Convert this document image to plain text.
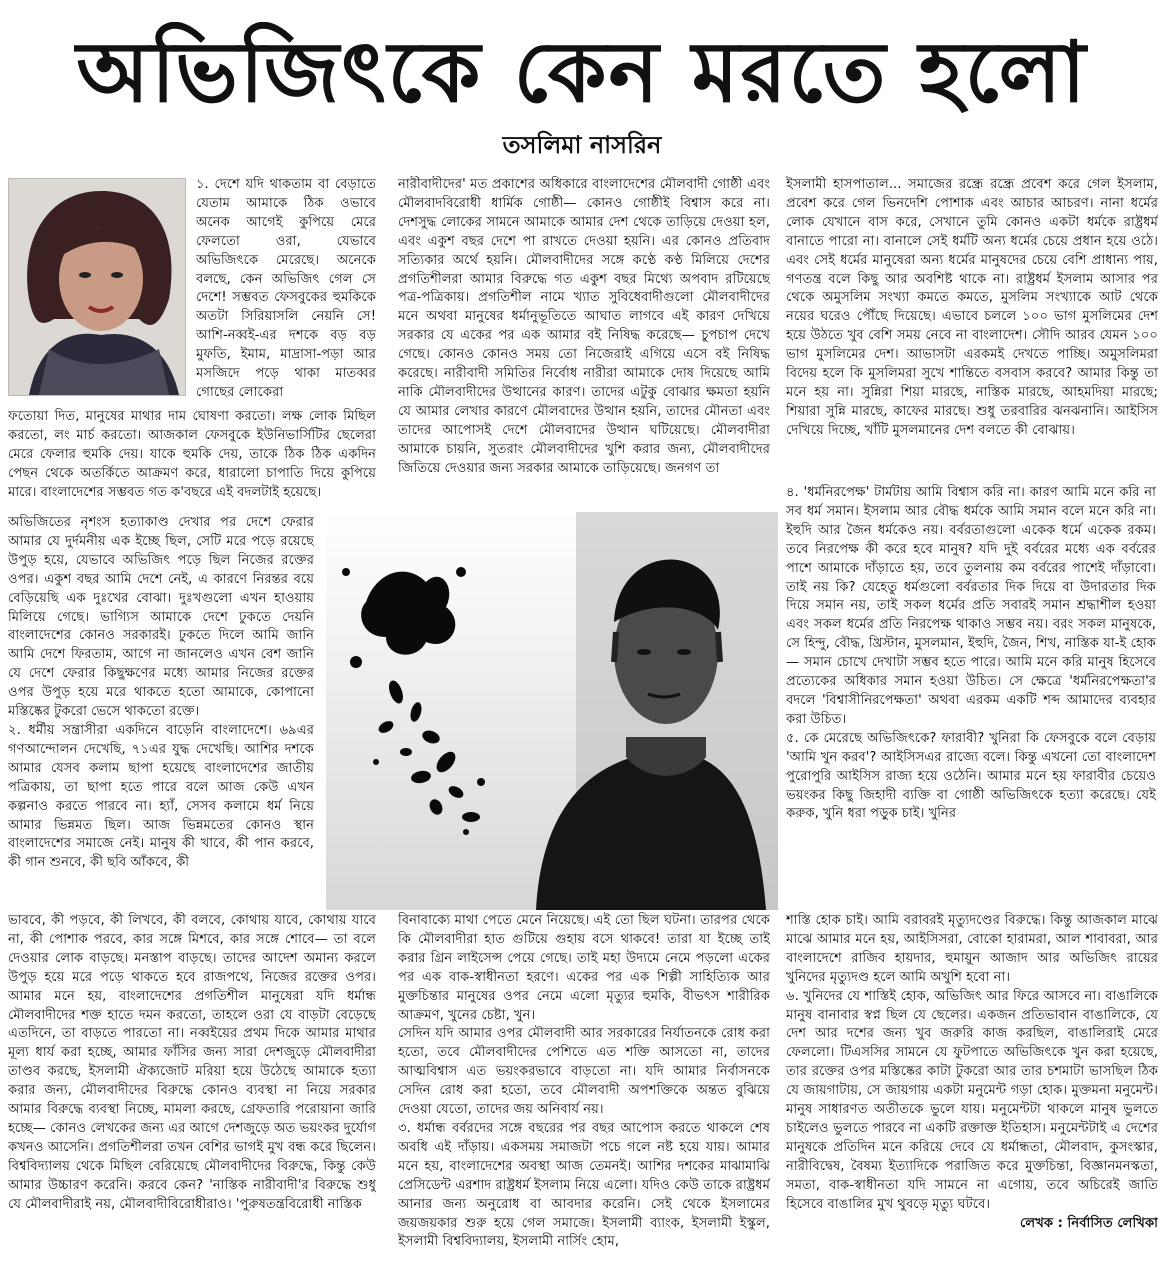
অভিজিৎকে কেন মরতে হলো
তসলিমা নাসরিন

১. দেশে যদি থাকতাম বা বেড়াতে যেতাম আমাকে ঠিক ওভাবে অনেক আগেই কুপিয়ে মেরে ফেলতো ওরা, যেভাবে অভিজিৎকে মেরেছে। অনেকে বলছে, কেন অভিজিৎ গেল সে দেশে! সম্ভবত ফেসবুকের হুমকিকে অতটা সিরিয়াসলি নেয়নি সে! আশি-নব্বই-এর দশকে বড় বড় মুফতি, ইমাম, মাদ্রাসা-পড়া আর মসজিদে পড়ে থাকা মাতব্বর গোছের লোকেরা

ফতোয়া দিত, মানুষের মাথার দাম ঘোষণা করতো। লক্ষ লোক মিছিল করতো, লং মার্চ করতো। আজকাল ফেসবুকে ইউনিভার্সিটির ছেলেরা মেরে ফেলার হুমকি দেয়। যাকে হুমকি দেয়, তাকে ঠিক ঠিক একদিন পেছন থেকে অতর্কিতে আক্রমণ করে, ধারালো চাপাতি দিয়ে কুপিয়ে মারে। বাংলাদেশের সম্ভবত গত ক'বছরে এই বদলটাই হয়েছে।

অভিজিতের নৃশংস হত্যাকাণ্ড দেখার পর দেশে ফেরার আমার যে দুর্দমনীয় এক ইচ্ছে ছিল, সেটি মরে পড়ে রয়েছে উপুড় হয়ে, যেভাবে অভিজিৎ পড়ে ছিল নিজের রক্তের ওপর। একুশ বছর আমি দেশে নেই, এ কারণে নিরন্তর বয়ে বেড়িয়েছি এক দুঃখের বোঝা। দুঃখগুলো এখন হাওয়ায় মিলিয়ে গেছে। ভাগ্যিস আমাকে দেশে ঢুকতে দেয়নি বাংলাদেশের কোনও সরকারই। ঢুকতে দিলে আমি জানি আমি দেশে ফিরতাম, আগে না জানলেও এখন বেশ জানি যে দেশে ফেরার কিছুক্ষণের মধ্যে আমার নিজের রক্তের ওপর উপুড় হয়ে মরে থাকতে হতো আমাকে, কোপানো মস্তিষ্কের টুকরো ভেসে থাকতো রক্তে।

২. ধর্মীয় সন্ত্রাসীরা একদিনে বাড়েনি বাংলাদেশে। ৬৯এর গণআন্দোলন দেখেছি, ৭১এর যুদ্ধ দেখেছি। আশির দশকে আমার যেসব কলাম ছাপা হয়েছে বাংলাদেশের জাতীয় পত্রিকায়, তা ছাপা হতে পারে বলে আজ কেউ এখন কল্পনাও করতে পারবে না। হ্যাঁ, সেসব কলামে ধর্ম নিয়ে আমার ভিন্নমত ছিল। আজ ভিন্নমতের কোনও স্থান বাংলাদেশের সমাজে নেই। মানুষ কী খাবে, কী পান করবে, কী গান শুনবে, কী ছবি আঁকবে, কী

ভাববে, কী পড়বে, কী লিখবে, কী বলবে, কোথায় যাবে, কোথায় যাবে না, কী পোশাক পরবে, কার সঙ্গে মিশবে, কার সঙ্গে শোবে— তা বলে দেওয়ার লোক বাড়ছে। মনস্তাপ বাড়ছে। তাদের আদেশ অমান্য করলে উপুড় হয়ে মরে পড়ে থাকতে হবে রাজপথে, নিজের রক্তের ওপর। আমার মনে হয়, বাংলাদেশের প্রগতিশীল মানুষেরা যদি ধর্মান্ধ মৌলবাদীদের শক্ত হাতে দমন করতো, তাহলে ওরা যে বাড়টা বেড়েছে এতদিনে, তা বাড়তে পারতো না। নব্বইয়ের প্রথম দিকে আমার মাথার মূল্য ধার্য করা হচ্ছে, আমার ফাঁসির জন্য সারা দেশজুড়ে মৌলবাদীরা তাণ্ডব করছে, ইসলামী ঐক্যজোট মরিয়া হয়ে উঠেছে আমাকে হত্যা করার জন্য, মৌলবাদীদের বিরুদ্ধে কোনও ব্যবস্থা না নিয়ে সরকার আমার বিরুদ্ধে ব্যবস্থা নিচ্ছে, মামলা করছে, গ্রেফতারি পরোয়ানা জারি হচ্ছে— কোনও লেখকের জন্য এর আগে দেশজুড়ে অত ভয়ংকর দুর্যোগ কখনও আসেনি। প্রগতিশীলরা তখন বেশির ভাগই মুখ বন্ধ করে ছিলেন। বিশ্ববিদ্যালয় থেকে মিছিল বেরিয়েছে মৌলবাদীদের বিরুদ্ধে, কিন্তু কেউ আমার উচ্চারণ করেনি। করবে কেন? 'নাস্তিক নারীবাদী'র বিরুদ্ধে শুধু যে মৌলবাদীরাই নয়, মৌলবাদীবিরোধীরাও। 'পুরুষতন্ত্রবিরোধী নাস্তিক

নারীবাদীদের' মত প্রকাশের অধিকারে বাংলাদেশের মৌলবাদী গোষ্ঠী এবং মৌলবাদবিরোধী ধার্মিক গোষ্ঠী— কোনও গোষ্ঠীই বিশ্বাস করে না। দেশসুদ্ধ লোকের সামনে আমাকে আমার দেশ থেকে তাড়িয়ে দেওয়া হল, এবং একুশ বছর দেশে পা রাখতে দেওয়া হয়নি। এর কোনও প্রতিবাদ সত্যিকার অর্থে হয়নি। মৌলবাদীদের সঙ্গে কণ্ঠে কণ্ঠ মিলিয়ে দেশের প্রগতিশীলরা আমার বিরুদ্ধে গত একুশ বছর মিথ্যে অপবাদ রটিয়েছে পত্র-পত্রিকায়। প্রগতিশীল নামে খ্যাত সুবিধেবাদীগুলো মৌলবাদীদের মনে অথবা মানুষের ধর্মানুভূতিতে আঘাত লাগবে এই কারণ দেখিয়ে সরকার যে একের পর এক আমার বই নিষিদ্ধ করেছে— চুপচাপ দেখে গেছে। কোনও কোনও সময় তো নিজেরাই এগিয়ে এসে বই নিষিদ্ধ করেছে। নারীবাদী সমিতির নির্বোধ নারীরা আমাকে দোষ দিয়েছে আমি নাকি মৌলবাদীদের উত্থানের কারণ। তাদের এটুকু বোঝার ক্ষমতা হয়নি যে আমার লেখার কারণে মৌলবাদের উত্থান হয়নি, তাদের মৌনতা এবং তাদের আপোসই দেশে মৌলবাদের উত্থান ঘটিয়েছে। মৌলবাদীরা আমাকে চায়নি, সুতরাং মৌলবাদীদের খুশি করার জন্য, মৌলবাদীদের জিতিয়ে দেওয়ার জন্য সরকার আমাকে তাড়িয়েছে। জনগণ তা

বিনাবাক্যে মাথা পেতে মেনে নিয়েছে। এই তো ছিল ঘটনা। তারপর থেকে কি মৌলবাদীরা হাত গুটিয়ে গুহায় বসে থাকবে! তারা যা ইচ্ছে তাই করার গ্রিন লাইসেন্স পেয়ে গেছে। তাই মহা উদ্যমে নেমে পড়লো একের পর এক বাক-স্বাধীনতা হরণে। একের পর এক শিল্পী সাহিত্যিক আর মুক্তচিন্তার মানুষের ওপর নেমে এলো মৃত্যুর হুমকি, বীভৎস শারীরিক আক্রমণ, খুনের চেষ্টা, খুন।

সেদিন যদি আমার ওপর মৌলবাদী আর সরকারের নির্যাতনকে রোধ করা হতো, তবে মৌলবাদীদের পেশিতে এত শক্তি আসতো না, তাদের আত্মবিশ্বাস এত ভয়ংকরভাবে বাড়তো না। যদি আমার নির্বাসনকে সেদিন রোধ করা হতো, তবে মৌলবাদী অপশক্তিকে অন্তত বুঝিয়ে দেওয়া যেতো, তাদের জয় অনিবার্য নয়।

৩. ধর্মান্ধ বর্বরদের সঙ্গে বছরের পর বছর আপোস করতে থাকলে শেষ অবধি এই দাঁড়ায়। একসময় সমাজটা পচে গলে নষ্ট হয়ে যায়। আমার মনে হয়, বাংলাদেশের অবস্থা আজ তেমনই। আশির দশকের মাঝামাঝি প্রেসিডেন্ট এরশাদ রাষ্ট্রধর্ম ইসলাম নিয়ে এলো। যদিও কেউ তাকে রাষ্ট্রধর্ম আনার জন্য অনুরোধ বা আবদার করেনি। সেই থেকে ইসলামের জয়জয়কার শুরু হয়ে গেল সমাজে। ইসলামী ব্যাংক, ইসলামী ইস্কুল, ইসলামী বিশ্ববিদ্যালয়, ইসলামী নার্সিং হোম,

ইসলামী হাসপাতাল... সমাজের রন্ধ্রে রন্ধ্রে প্রবেশ করে গেল ইসলাম, প্রবেশ করে গেল ভিনদেশি পোশাক এবং আচার আচরণ। নানা ধর্মের লোক যেখানে বাস করে, সেখানে তুমি কোনও একটা ধর্মকে রাষ্ট্রধর্ম বানাতে পারো না। বানালে সেই ধর্মটি অন্য ধর্মের চেয়ে প্রধান হয়ে ওঠে। এবং সেই ধর্মের মানুষেরা অন্য ধর্মের মানুষদের চেয়ে বেশি প্রাধান্য পায়, গণতন্ত্র বলে কিছু আর অবশিষ্ট থাকে না। রাষ্ট্রধর্ম ইসলাম আসার পর থেকে অমুসলিম সংখ্যা কমতে কমতে, মুসলিম সংখ্যাকে আট থেকে নয়ের ঘরেও পৌঁছে দিয়েছে। এভাবে চললে ১০০ ভাগ মুসলিমের দেশ হয়ে উঠতে খুব বেশি সময় নেবে না বাংলাদেশ। সৌদি আরব যেমন ১০০ ভাগ মুসলিমের দেশ। আভাসটা এরকমই দেখতে পাচ্ছি। অমুসলিমরা বিদেয় হলে কি মুসলিমরা সুখে শান্তিতে বসবাস করবে? আমার কিন্তু তা মনে হয় না। সুন্নিরা শিয়া মারছে, নাস্তিক মারছে, আহমদিয়া মারছে; শিয়ারা সুন্নি মারছে, কাফের মারছে। শুধু তরবারির ঝনঝনানি। আইসিস দেখিয়ে দিচ্ছে, খাঁটি মুসলমানের দেশ বলতে কী বোঝায়।

৪. 'ধর্মনিরপেক্ষ' টার্মটায় আমি বিশ্বাস করি না। কারণ আমি মনে করি না সব ধর্ম সমান। ইসলাম আর বৌদ্ধ ধর্মকে আমি সমান বলে মনে করি না। ইহুদি আর জৈন ধর্মকেও নয়। বর্বরতাগুলো একেক ধর্মে একেক রকম। তবে নিরপেক্ষ কী করে হবে মানুষ? যদি দুই বর্বরের মধ্যে এক বর্বরের পাশে আমাকে দাঁড়াতে হয়, তবে তুলনায় কম বর্বরের পাশেই দাঁড়াবো। তাই নয় কি? যেহেতু ধর্মগুলো বর্বরতার দিক দিয়ে বা উদারতার দিক দিয়ে সমান নয়, তাই সকল ধর্মের প্রতি সবারই সমান শ্রদ্ধাশীল হওয়া এবং সকল ধর্মের প্রতি নিরপেক্ষ থাকাও সম্ভব নয়। বরং সকল মানুষকে, সে হিন্দু, বৌদ্ধ, খ্রিস্টান, মুসলমান, ইহুদি, জৈন, শিখ, নাস্তিক যা-ই হোক— সমান চোখে দেখাটা সম্ভব হতে পারে। আমি মনে করি মানুষ হিসেবে প্রত্যেকের অধিকার সমান হওয়া উচিত। সে ক্ষেত্রে 'ধর্মনিরপেক্ষতা'র বদলে 'বিশ্বাসীনিরপেক্ষতা' অথবা এরকম একটি শব্দ আমাদের ব্যবহার করা উচিত।

৫. কে মেরেছে অভিজিৎকে? ফারাবী? খুনিরা কি ফেসবুকে বলে বেড়ায় 'আমি খুন করব'? আইসিসএর রাজ্যে বলে। কিন্তু এখনো তো বাংলাদেশ পুরোপুরি আইসিস রাজ্য হয়ে ওঠেনি। আমার মনে হয় ফারাবীর চেয়েও ভয়ংকর কিছু জিহাদী ব্যক্তি বা গোষ্ঠী অভিজিৎকে হত্যা করেছে। যেই করুক, খুনি ধরা পড়ুক চাই। খুনির

শাস্তি হোক চাই। আমি বরাবরই মৃত্যুদণ্ডের বিরুদ্ধে। কিন্তু আজকাল মাঝে মাঝে আমার মনে হয়, আইসিসরা, বোকো হারামরা, আল শাবাবরা, আর বাংলাদেশে রাজিব হায়দার, হুমায়ুন আজাদ আর অভিজিৎ রায়ের খুনিদের মৃত্যুদণ্ড হলে আমি অখুশি হবো না।

৬. খুনিদের যে শাস্তিই হোক, অভিজিৎ আর ফিরে আসবে না। বাঙালিকে মানুষ বানাবার স্বপ্ন ছিল যে ছেলের। একজন প্রতিভাবান বাঙালিকে, যে দেশ আর দশের জন্য খুব জরুরি কাজ করছিল, বাঙালিরাই মেরে ফেললো। টিএসসির সামনে যে ফুটপাতে অভিজিৎকে খুন করা হয়েছে, তার রক্তের ওপর মস্তিষ্কের কাটা টুকরো আর তার চশমাটা ভাসছিল ঠিক যে জায়গাটায়, সে জায়গায় একটা মনুমেন্ট গড়া হোক। মুক্তমনা মনুমেন্ট। মানুষ সাধারণত অতীতকে ভুলে যায়। মনুমেন্টটা থাকলে মানুষ ভুলতে চাইলেও ভুলতে পারবে না একটি রক্তাক্ত ইতিহাস। মনুমেন্টটাই এ দেশের মানুষকে প্রতিদিন মনে করিয়ে দেবে যে ধর্মান্ধতা, মৌলবাদ, কুসংস্কার, নারীবিদ্বেষ, বৈষম্য ইত্যাদিকে পরাজিত করে মুক্তচিন্তা, বিজ্ঞানমনস্কতা, সমতা, বাক-স্বাধীনতা যদি সামনে না এগোয়, তবে অচিরেই জাতি হিসেবে বাঙালির মুখ থুবড়ে মৃত্যু ঘটবে।

লেখক : নির্বাসিত লেখিকা
